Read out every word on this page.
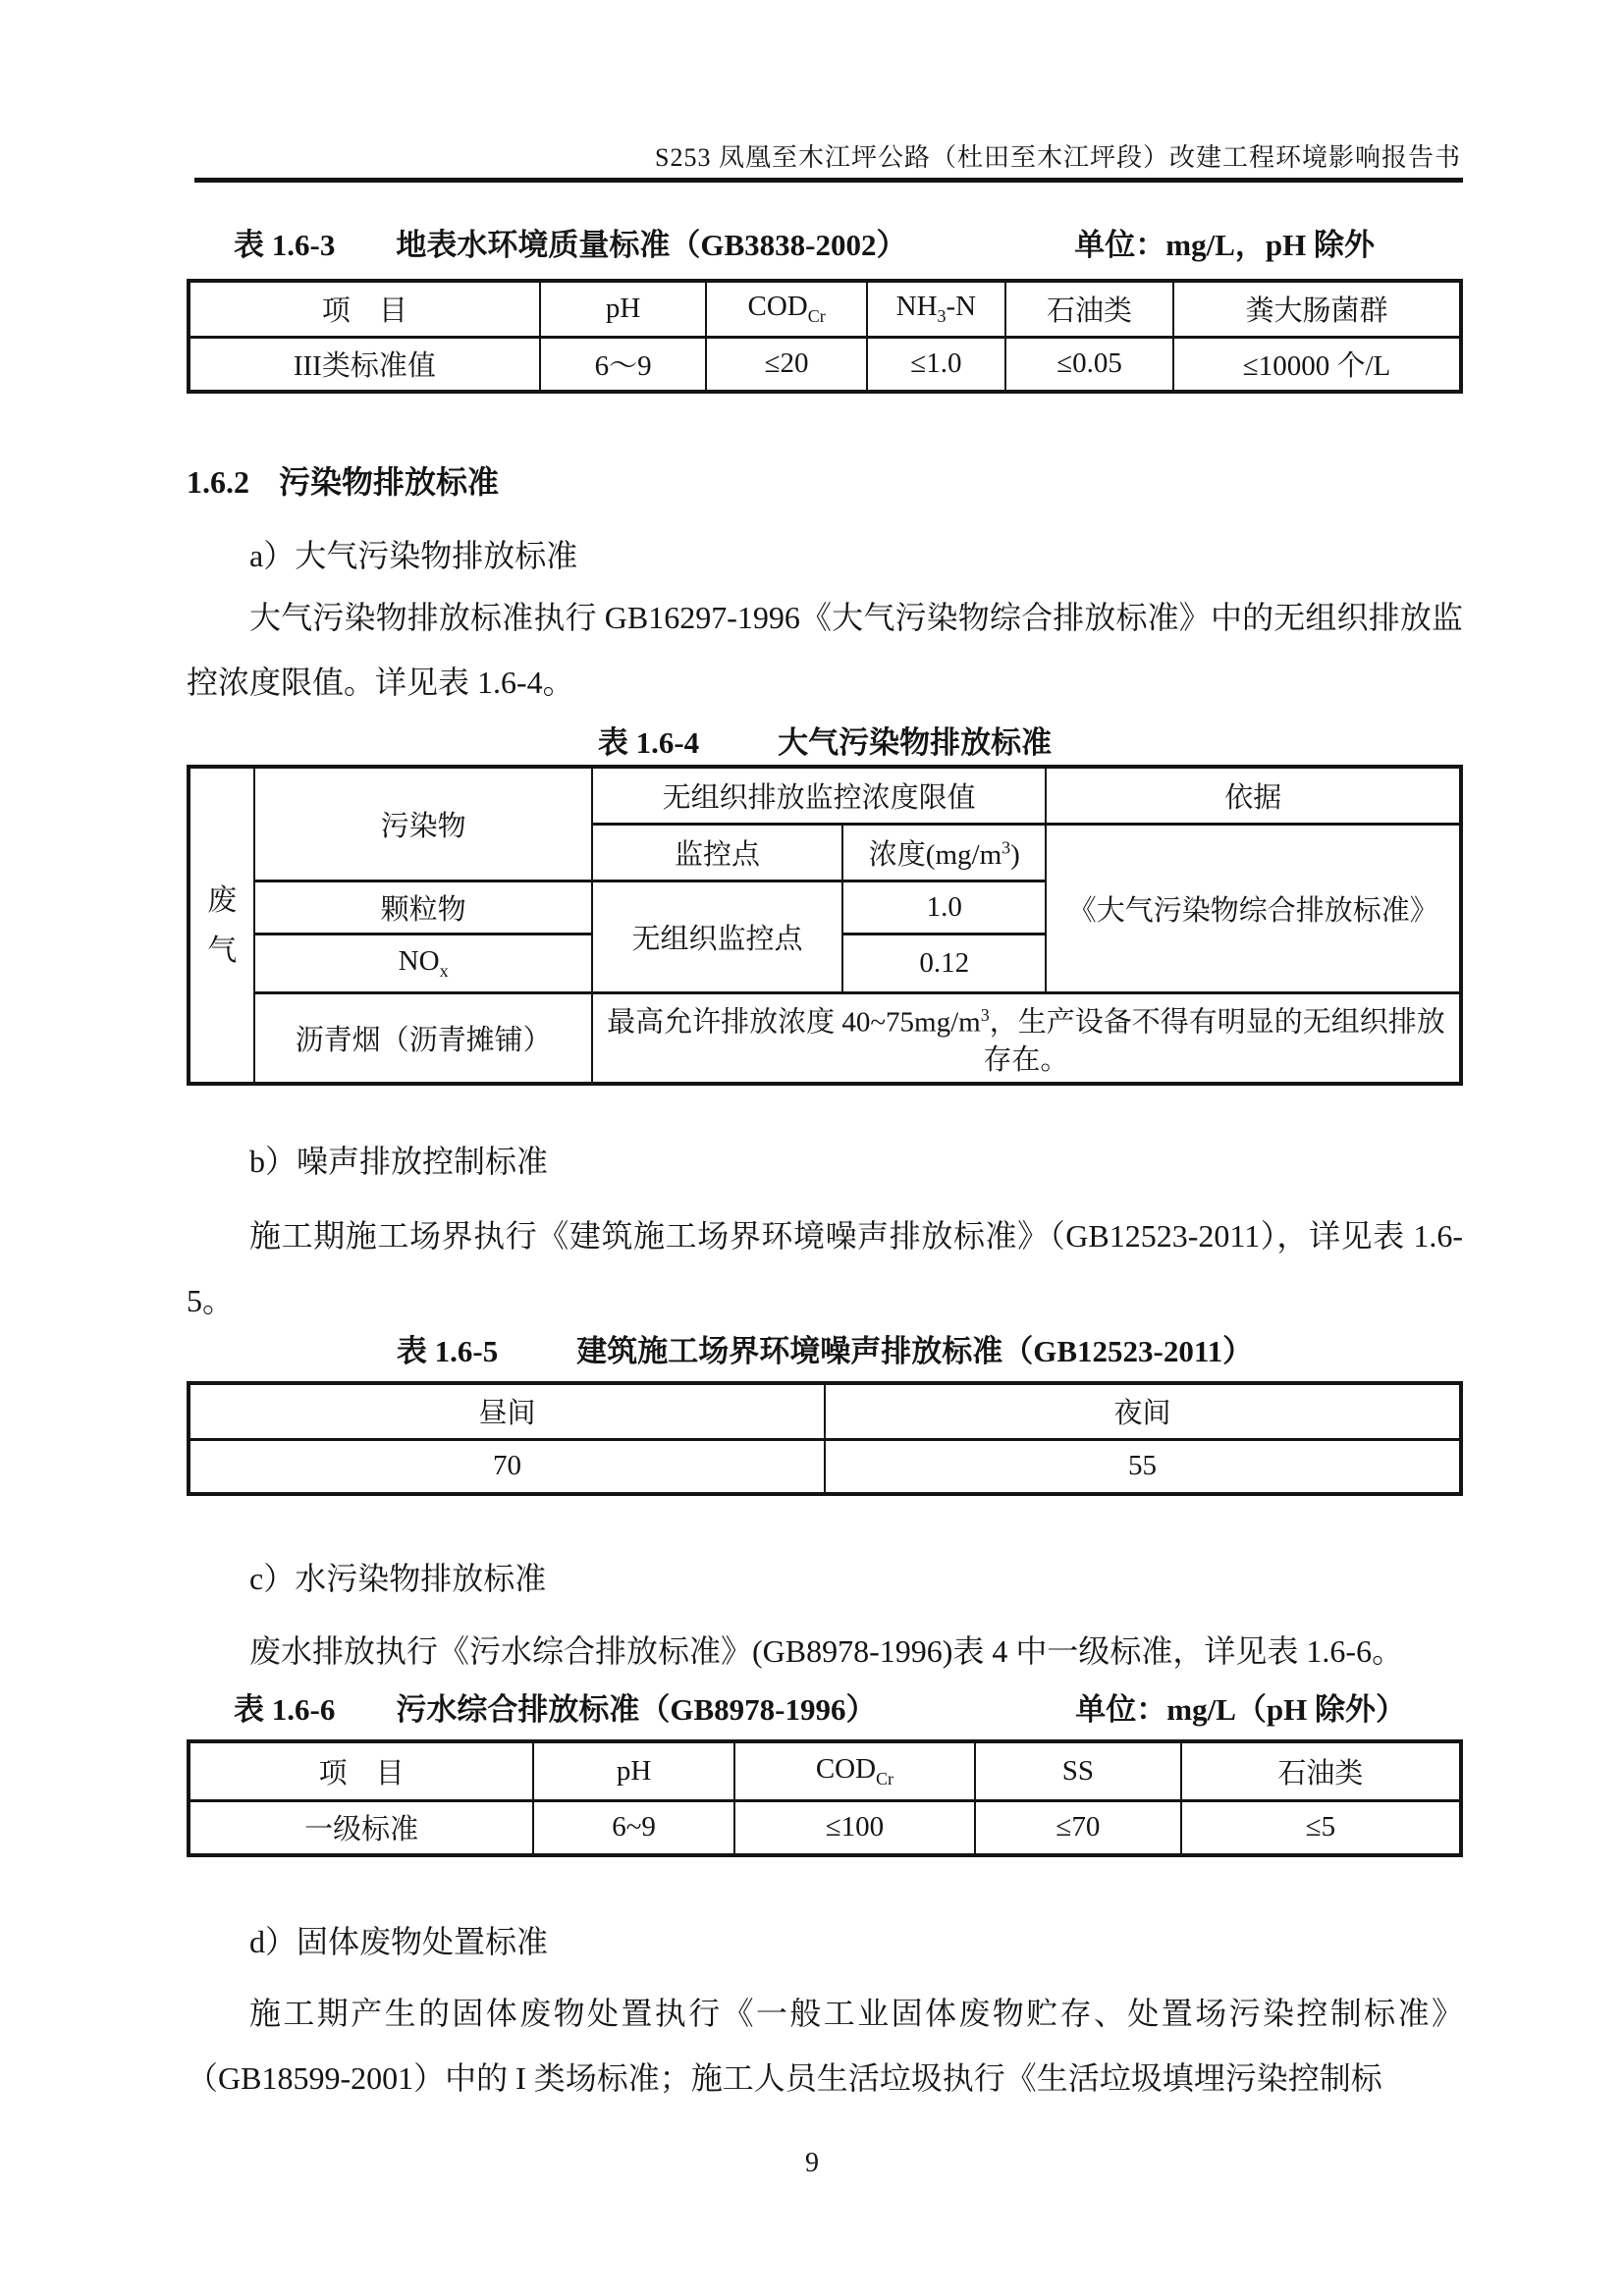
S253 凤凰至木江坪公路（杜田至木江坪段）改建工程环境影响报告书
表 1.6-3 地表水环境质量标准（GB3838-2002）	单位：mg/L，pH 除外
项　目	pH	$COD_{Cr}$	$NH_3-N$	石油类	粪大肠菌群
III类标准值	6～9	≤20	≤1.0	≤0.05	≤10000 个/L
1.6.2 污染物排放标准
a）大气污染物排放标准
大气污染物排放标准执行 GB16297-1996《大气污染物综合排放标准》中的无组织排放监控浓度限值。详见表 1.6-4。
表 1.6-4	大气污染物排放标准
废气	污染物	无组织排放监控浓度限值		依据
		监控点	浓度$(mg/m^3)$	《大气污染物综合排放标准》
	颗粒物	无组织监控点	1.0	
	$NO_x$		0.12	
	沥青烟（沥青摊铺）	最高允许排放浓度 $40\sim 75mg/m^3$，生产设备不得有明显的无组织排放存在。		
b）噪声排放控制标准
施工期施工场界执行《建筑施工场界环境噪声排放标准》（GB12523-2011），详见表 1.6-5。
表 1.6-5	建筑施工场界环境噪声排放标准（GB12523-2011）
昼间	夜间
70	55
c）水污染物排放标准
废水排放执行《污水综合排放标准》(GB8978-1996)表 4 中一级标准，详见表 1.6-6。
表 1.6-6 污水综合排放标准（GB8978-1996）	单位：mg/L（pH 除外）
项　目	pH	$COD_{Cr}$	SS	石油类
一级标准	6~9	≤100	≤70	≤5
d）固体废物处置标准
施工期产生的固体废物处置执行《一般工业固体废物贮存、处置场污染控制标准》（GB18599-2001）中的 I 类场标准；施工人员生活垃圾执行《生活垃圾填埋污染控制标
9
